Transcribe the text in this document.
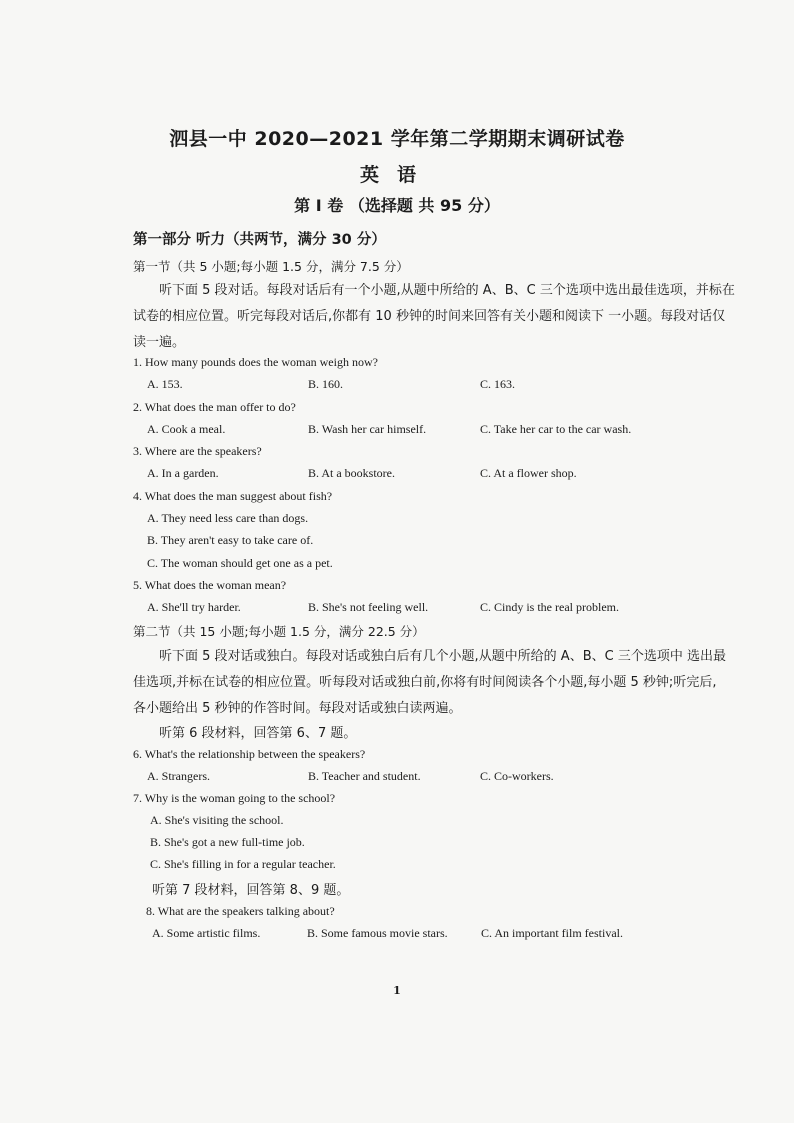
泗县一中 2020—2021 学年第二学期期末调研试卷
英语
第 I 卷 （选择题 共 95 分）
第一部分 听力（共两节，满分 30 分）
第一节（共 5 小题;每小题 1.5 分，满分 7.5 分）
听下面 5 段对话。每段对话后有一个小题,从题中所给的 A、B、C 三个选项中选出最佳选项，并标在
试卷的相应位置。听完每段对话后,你都有 10 秒钟的时间来回答有关小题和阅读下 一小题。每段对话仅
读一遍。
1. How many pounds does the woman weigh now?
A. 153.	B. 160.	C. 163.
2. What does the man offer to do?
A. Cook a meal.	B. Wash her car himself.	C. Take her car to the car wash.
3. Where are the speakers?
A. In a garden.	B. At a bookstore.	C. At a flower shop.
4. What does the man suggest about fish?
A. They need less care than dogs.
B. They aren't easy to take care of.
C. The woman should get one as a pet.
5. What does the woman mean?
A. She'll try harder.	B. She's not feeling well.	C. Cindy is the real problem.
第二节（共 15 小题;每小题 1.5 分，满分 22.5 分）
听下面 5 段对话或独白。每段对话或独白后有几个小题,从题中所给的 A、B、C 三个选项中 选出最
佳选项,并标在试卷的相应位置。听每段对话或独白前,你将有时间阅读各个小题,每小题 5 秒钟;听完后,
各小题给出 5 秒钟的作答时间。每段对话或独白读两遍。
听第 6 段材料，回答第 6、7 题。
6. What's the relationship between the speakers?
A. Strangers.	B. Teacher and student.	C. Co-workers.
7. Why is the woman going to the school?
A. She's visiting the school.
B. She's got a new full-time job.
C. She's filling in for a regular teacher.
听第 7 段材料，回答第 8、9 题。
8. What are the speakers talking about?
A. Some artistic films.	B. Some famous movie stars.	C. An important film festival.
1
